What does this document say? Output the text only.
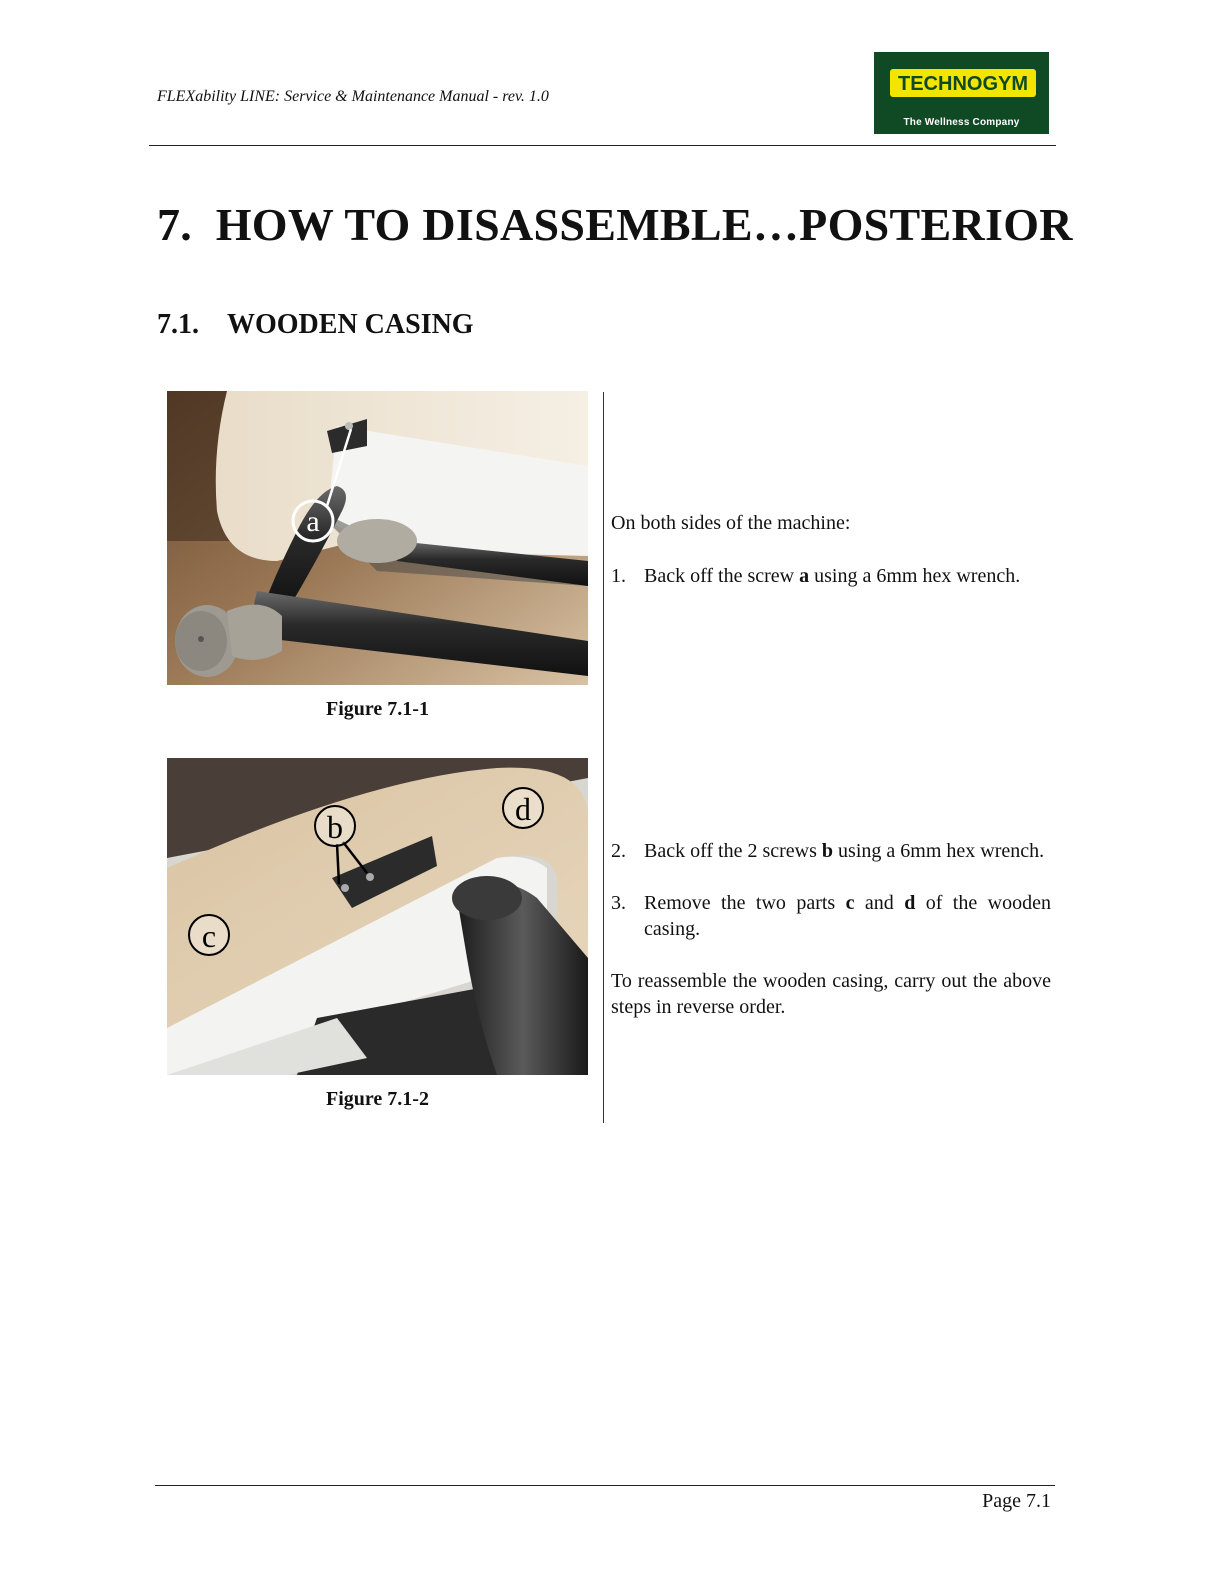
FLEXability LINE: Service & Maintenance Manual - rev. 1.0
TECHNOGYM
The Wellness Company
7. HOW TO DISASSEMBLE…POSTERIOR
7.1. WOODEN CASING
a
Figure 7.1-1
b
c
d
Figure 7.1-2
On both sides of the machine:
1. Back off the screw a using a 6mm hex wrench.
2. Back off the 2 screws b using a 6mm hex wrench.
3. Remove the two parts c and d of the wooden casing.
To reassemble the wooden casing, carry out the above steps in reverse order.
Page 7.1
